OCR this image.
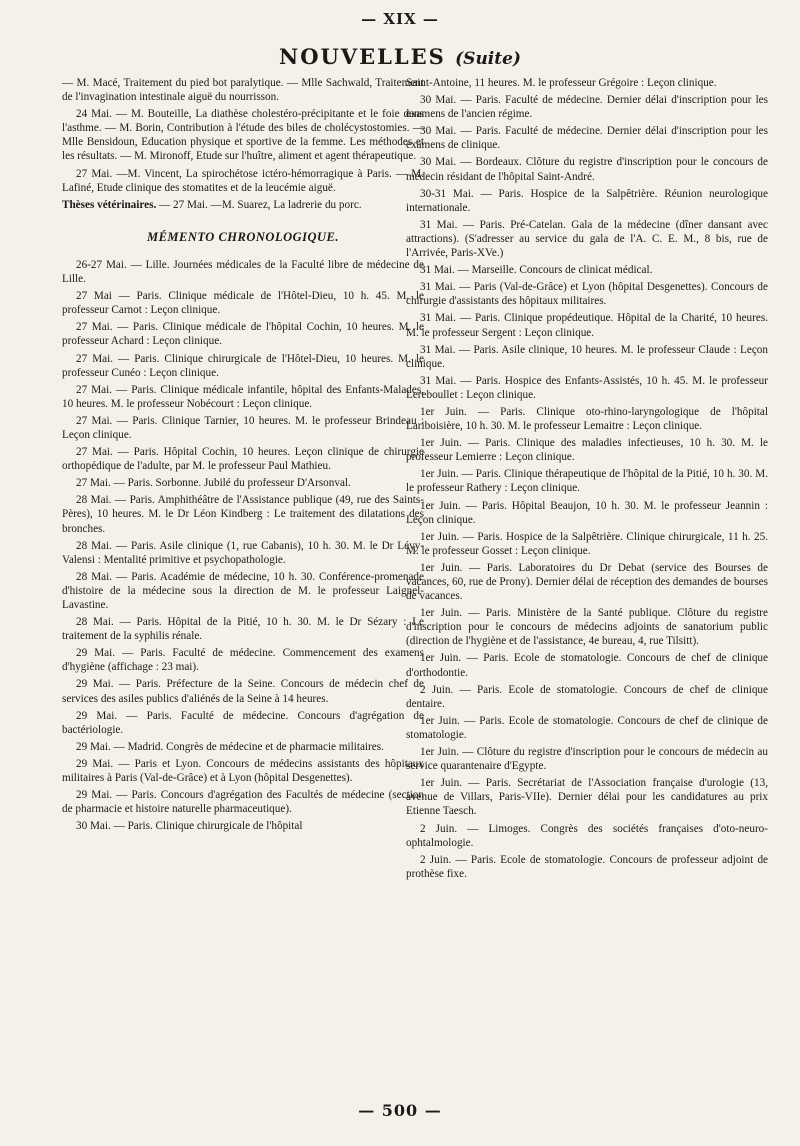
— XIX —
NOUVELLES (Suite)

— M. Macé, Traitement du pied bot paralytique. — Mlle Sachwald, Traitement de l'invagination intestinale aiguë du nourrisson.

24 Mai. — M. Bouteille, La diathèse cholestéro-précipitante et le foie dans l'asthme. — M. Borin, Contribution à l'étude des biles de cholécystostomies. — Mlle Bensidoun, Education physique et sportive de la femme. Les méthodes et les résultats. — M. Mironoff, Etude sur l'huître, aliment et agent thérapeutique.

27 Mai. —M. Vincent, La spirochétose ictéro-hémorragique à Paris. — M. Lafiné, Etude clinique des stomatites et de la leucémie aiguë.

Thèses vétérinaires. — 27 Mai. —M. Suarez, La ladrerie du porc.

MÉMENTO CHRONOLOGIQUE.

26-27 Mai. — Lille. Journées médicales de la Faculté libre de médecine de Lille.

27 Mai — Paris. Clinique médicale de l'Hôtel-Dieu, 10 h. 45. M. le professeur Carnot : Leçon clinique.

27 Mai. — Paris. Clinique médicale de l'hôpital Cochin, 10 heures. M. le professeur Achard : Leçon clinique.

27 Mai. — Paris. Clinique chirurgicale de l'Hôtel-Dieu, 10 heures. M. le professeur Cunéo : Leçon clinique.

27 Mai. — Paris. Clinique médicale infantile, hôpital des Enfants-Malades, 10 heures. M. le professeur Nobécourt : Leçon clinique.

27 Mai. — Paris. Clinique Tarnier, 10 heures. M. le professeur Brindeau : Leçon clinique.

27 Mai. — Paris. Hôpital Cochin, 10 heures. Leçon clinique de chirurgie orthopédique de l'adulte, par M. le professeur Paul Mathieu.

27 Mai. — Paris. Sorbonne. Jubilé du professeur D'Arsonval.

28 Mai. — Paris. Amphithéâtre de l'Assistance publique (49, rue des Saints-Pères), 10 heures. M. le Dr Léon Kindberg : Le traitement des dilatations des bronches.

28 Mai. — Paris. Asile clinique (1, rue Cabanis), 10 h. 30. M. le Dr Lévy-Valensi : Mentalité primitive et psychopathologie.

28 Mai. — Paris. Académie de médecine, 10 h. 30. Conférence-promenade d'histoire de la médecine sous la direction de M. le professeur Laignel-Lavastine.

28 Mai. — Paris. Hôpital de la Pitié, 10 h. 30. M. le Dr Sézary : Le traitement de la syphilis rénale.

29 Mai. — Paris. Faculté de médecine. Commencement des examens d'hygiène (affichage : 23 mai).

29 Mai. — Paris. Préfecture de la Seine. Concours de médecin chef de services des asiles publics d'aliénés de la Seine à 14 heures.

29 Mai. — Paris. Faculté de médecine. Concours d'agrégation de bactériologie.

29 Mai. — Madrid. Congrès de médecine et de pharmacie militaires.

29 Mai. — Paris et Lyon. Concours de médecins assistants des hôpitaux militaires à Paris (Val-de-Grâce) et à Lyon (hôpital Desgenettes).

29 Mai. — Paris. Concours d'agrégation des Facultés de médecine (section de pharmacie et histoire naturelle pharmaceutique).

30 Mai. — Paris. Clinique chirurgicale de l'hôpital

Saint-Antoine, 11 heures. M. le professeur Grégoire : Leçon clinique.

30 Mai. — Paris. Faculté de médecine. Dernier délai d'inscription pour les examens de l'ancien régime.

30 Mai. — Paris. Faculté de médecine. Dernier délai d'inscription pour les examens de clinique.

30 Mai. — Bordeaux. Clôture du registre d'inscription pour le concours de médecin résidant de l'hôpital Saint-André.

30-31 Mai. — Paris. Hospice de la Salpêtrière. Réunion neurologique internationale.

31 Mai. — Paris. Pré-Catelan. Gala de la médecine (dîner dansant avec attractions). (S'adresser au service du gala de l'A. C. E. M., 8 bis, rue de l'Arrivée, Paris-XVe.)

31 Mai. — Marseille. Concours de clinicat médical.

31 Mai. — Paris (Val-de-Grâce) et Lyon (hôpital Desgenettes). Concours de chirurgie d'assistants des hôpitaux militaires.

31 Mai. — Paris. Clinique propédeutique. Hôpital de la Charité, 10 heures. M. le professeur Sergent : Leçon clinique.

31 Mai. — Paris. Asile clinique, 10 heures. M. le professeur Claude : Leçon clinique.

31 Mai. — Paris. Hospice des Enfants-Assistés, 10 h. 45. M. le professeur Lereboullet : Leçon clinique.

1er Juin. — Paris. Clinique oto-rhino-laryngologique de l'hôpital Lariboisière, 10 h. 30. M. le professeur Lemaitre : Leçon clinique.

1er Juin. — Paris. Clinique des maladies infectieuses, 10 h. 30. M. le professeur Lemierre : Leçon clinique.

1er Juin. — Paris. Clinique thérapeutique de l'hôpital de la Pitié, 10 h. 30. M. le professeur Rathery : Leçon clinique.

1er Juin. — Paris. Hôpital Beaujon, 10 h. 30. M. le professeur Jeannin : Leçon clinique.

1er Juin. — Paris. Hospice de la Salpêtrière. Clinique chirurgicale, 11 h. 25. M. le professeur Gosset : Leçon clinique.

1er Juin. — Paris. Laboratoires du Dr Debat (service des Bourses de vacances, 60, rue de Prony). Dernier délai de réception des demandes de bourses de vacances.

1er Juin. — Paris. Ministère de la Santé publique. Clôture du registre d'inscription pour le concours de médecins adjoints de sanatorium public (direction de l'hygiène et de l'assistance, 4e bureau, 4, rue Tilsitt).

1er Juin. — Paris. Ecole de stomatologie. Concours de chef de clinique d'orthodontie.

2 Juin. — Paris. Ecole de stomatologie. Concours de chef de clinique dentaire.

1er Juin. — Paris. Ecole de stomatologie. Concours de chef de clinique de stomatologie.

1er Juin. — Clôture du registre d'inscription pour le concours de médecin au service quarantenaire d'Egypte.

1er Juin. — Paris. Secrétariat de l'Association française d'urologie (13, avenue de Villars, Paris-VIIe). Dernier délai pour les candidatures au prix Etienne Taesch.

2 Juin. — Limoges. Congrès des sociétés françaises d'oto-neuro-ophtalmologie.

2 Juin. — Paris. Ecole de stomatologie. Concours de professeur adjoint de prothèse fixe.

— 500 —
